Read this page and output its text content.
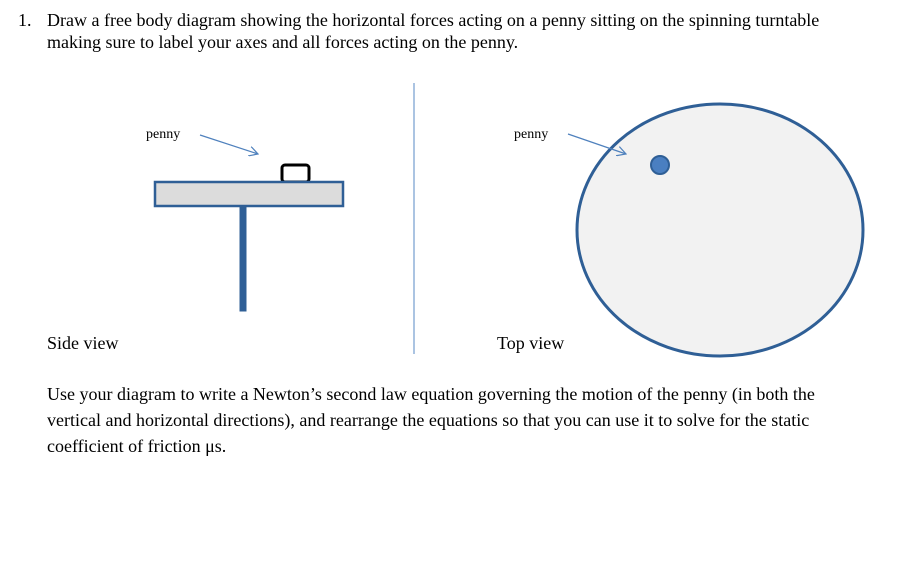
1. Draw a free body diagram showing the horizontal forces acting on a penny sitting on the spinning turntable making sure to label your axes and all forces acting on the penny.
penny
Side view
penny
Top view
Use your diagram to write a Newton’s second law equation governing the motion of the penny (in both the vertical and horizontal directions), and rearrange the equations so that you can use it to solve for the static coefficient of friction μs.
